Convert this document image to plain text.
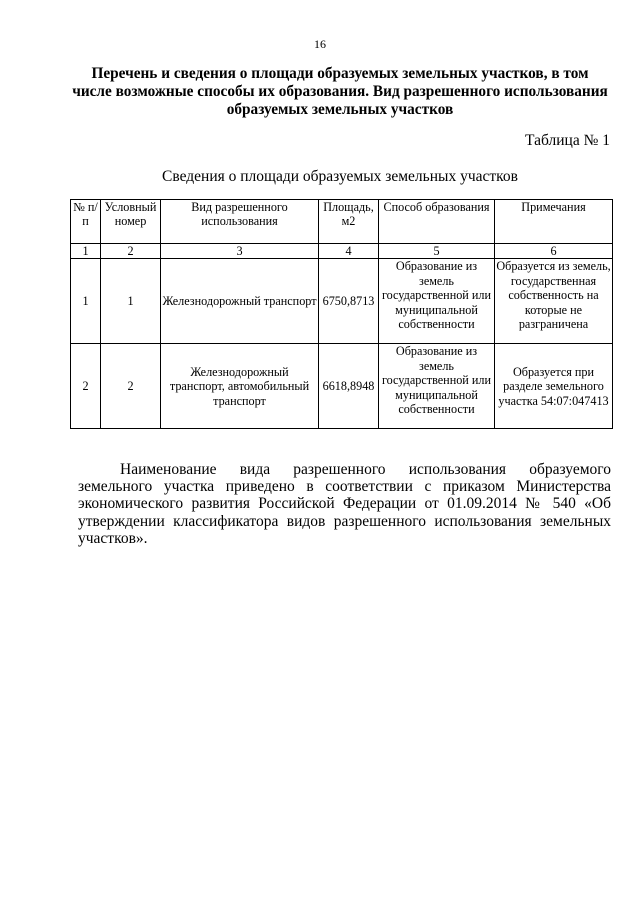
16
Перечень и сведения о площади образуемых земельных участков, в том
числе возможные способы их образования. Вид разрешенного использования
образуемых земельных участков
Таблица № 1
Сведения о площади образуемых земельных участков
№ п/п	Условный номер	Вид разрешенного использования	Площадь, м2	Способ образования	Примечания
1	2	3	4	5	6
1	1	Железнодорожный транспорт	6750,8713	Образование из земель государственной или муниципальной собственности	Образуется из земель, государственная собственность на которые не разграничена
2	2	Железнодорожный транспорт, автомобильный транспорт	6618,8948	Образование из земель государственной или муниципальной собственности	Образуется при разделе земельного участка 54:07:047413

Наименование вида разрешенного использования образуемого земельного участка приведено в соответствии с приказом Министерства экономического развития Российской Федерации от 01.09.2014 № 540 «Об утверждении классификатора видов разрешенного использования земельных участков».
